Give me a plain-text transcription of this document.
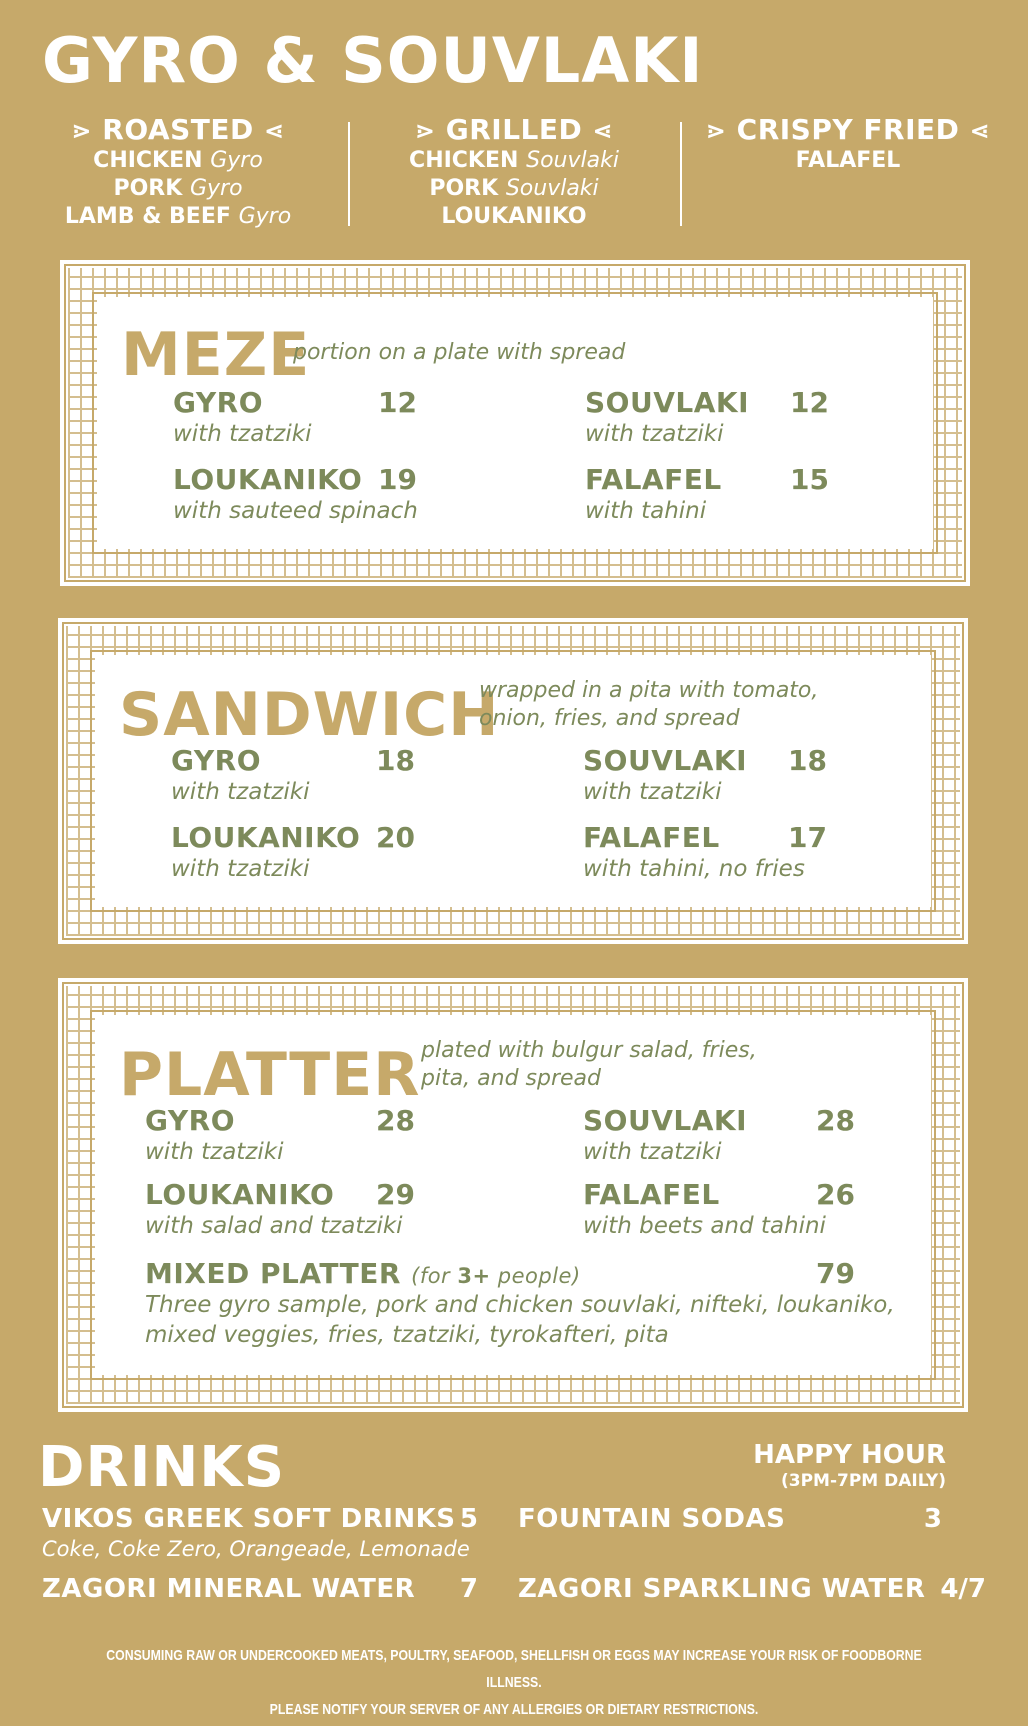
GYRO & SOUVLAKI
⋗ ROASTED ⋖
CHICKEN Gyro
PORK Gyro
LAMB & BEEF Gyro
⋗ GRILLED ⋖
CHICKEN Souvlaki
PORK Souvlaki
LOUKANIKO
⋗ CRISPY FRIED ⋖
FALAFEL
MEZE
portion on a plate with spread
GYRO	12
with tzatziki
SOUVLAKI	12
with tzatziki
LOUKANIKO 19
with sauteed spinach
FALAFEL	15
with tahini
SANDWICH
wrapped in a pita with tomato,
onion, fries, and spread
GYRO	18
with tzatziki
SOUVLAKI	18
with tzatziki
LOUKANIKO 20
with tzatziki
FALAFEL	17
with tahini, no fries
PLATTER plated with bulgur salad, fries,
pita, and spread
GYRO	28
with tzatziki
SOUVLAKI	28
with tzatziki
LOUKANIKO	29
with salad and tzatziki
FALAFEL	26
with beets and tahini
MIXED PLATTER (for 3+ people)	79
Three gyro sample, pork and chicken souvlaki, nifteki, loukaniko,
mixed veggies, fries, tzatziki, tyrokafteri, pita
DRINKS	HAPPY HOUR
(3PM-7PM DAILY)
VIKOS GREEK SOFT DRINKS 5
Coke, Coke Zero, Orangeade, Lemonade
FOUNTAIN SODAS	3
ZAGORI MINERAL WATER	7 ZAGORI SPARKLING WATER 4/7
CONSUMING RAW OR UNDERCOOKED MEATS, POULTRY, SEAFOOD, SHELLFISH OR EGGS MAY INCREASE YOUR RISK OF FOODBORNE ILLNESS.
PLEASE NOTIFY YOUR SERVER OF ANY ALLERGIES OR DIETARY RESTRICTIONS.
